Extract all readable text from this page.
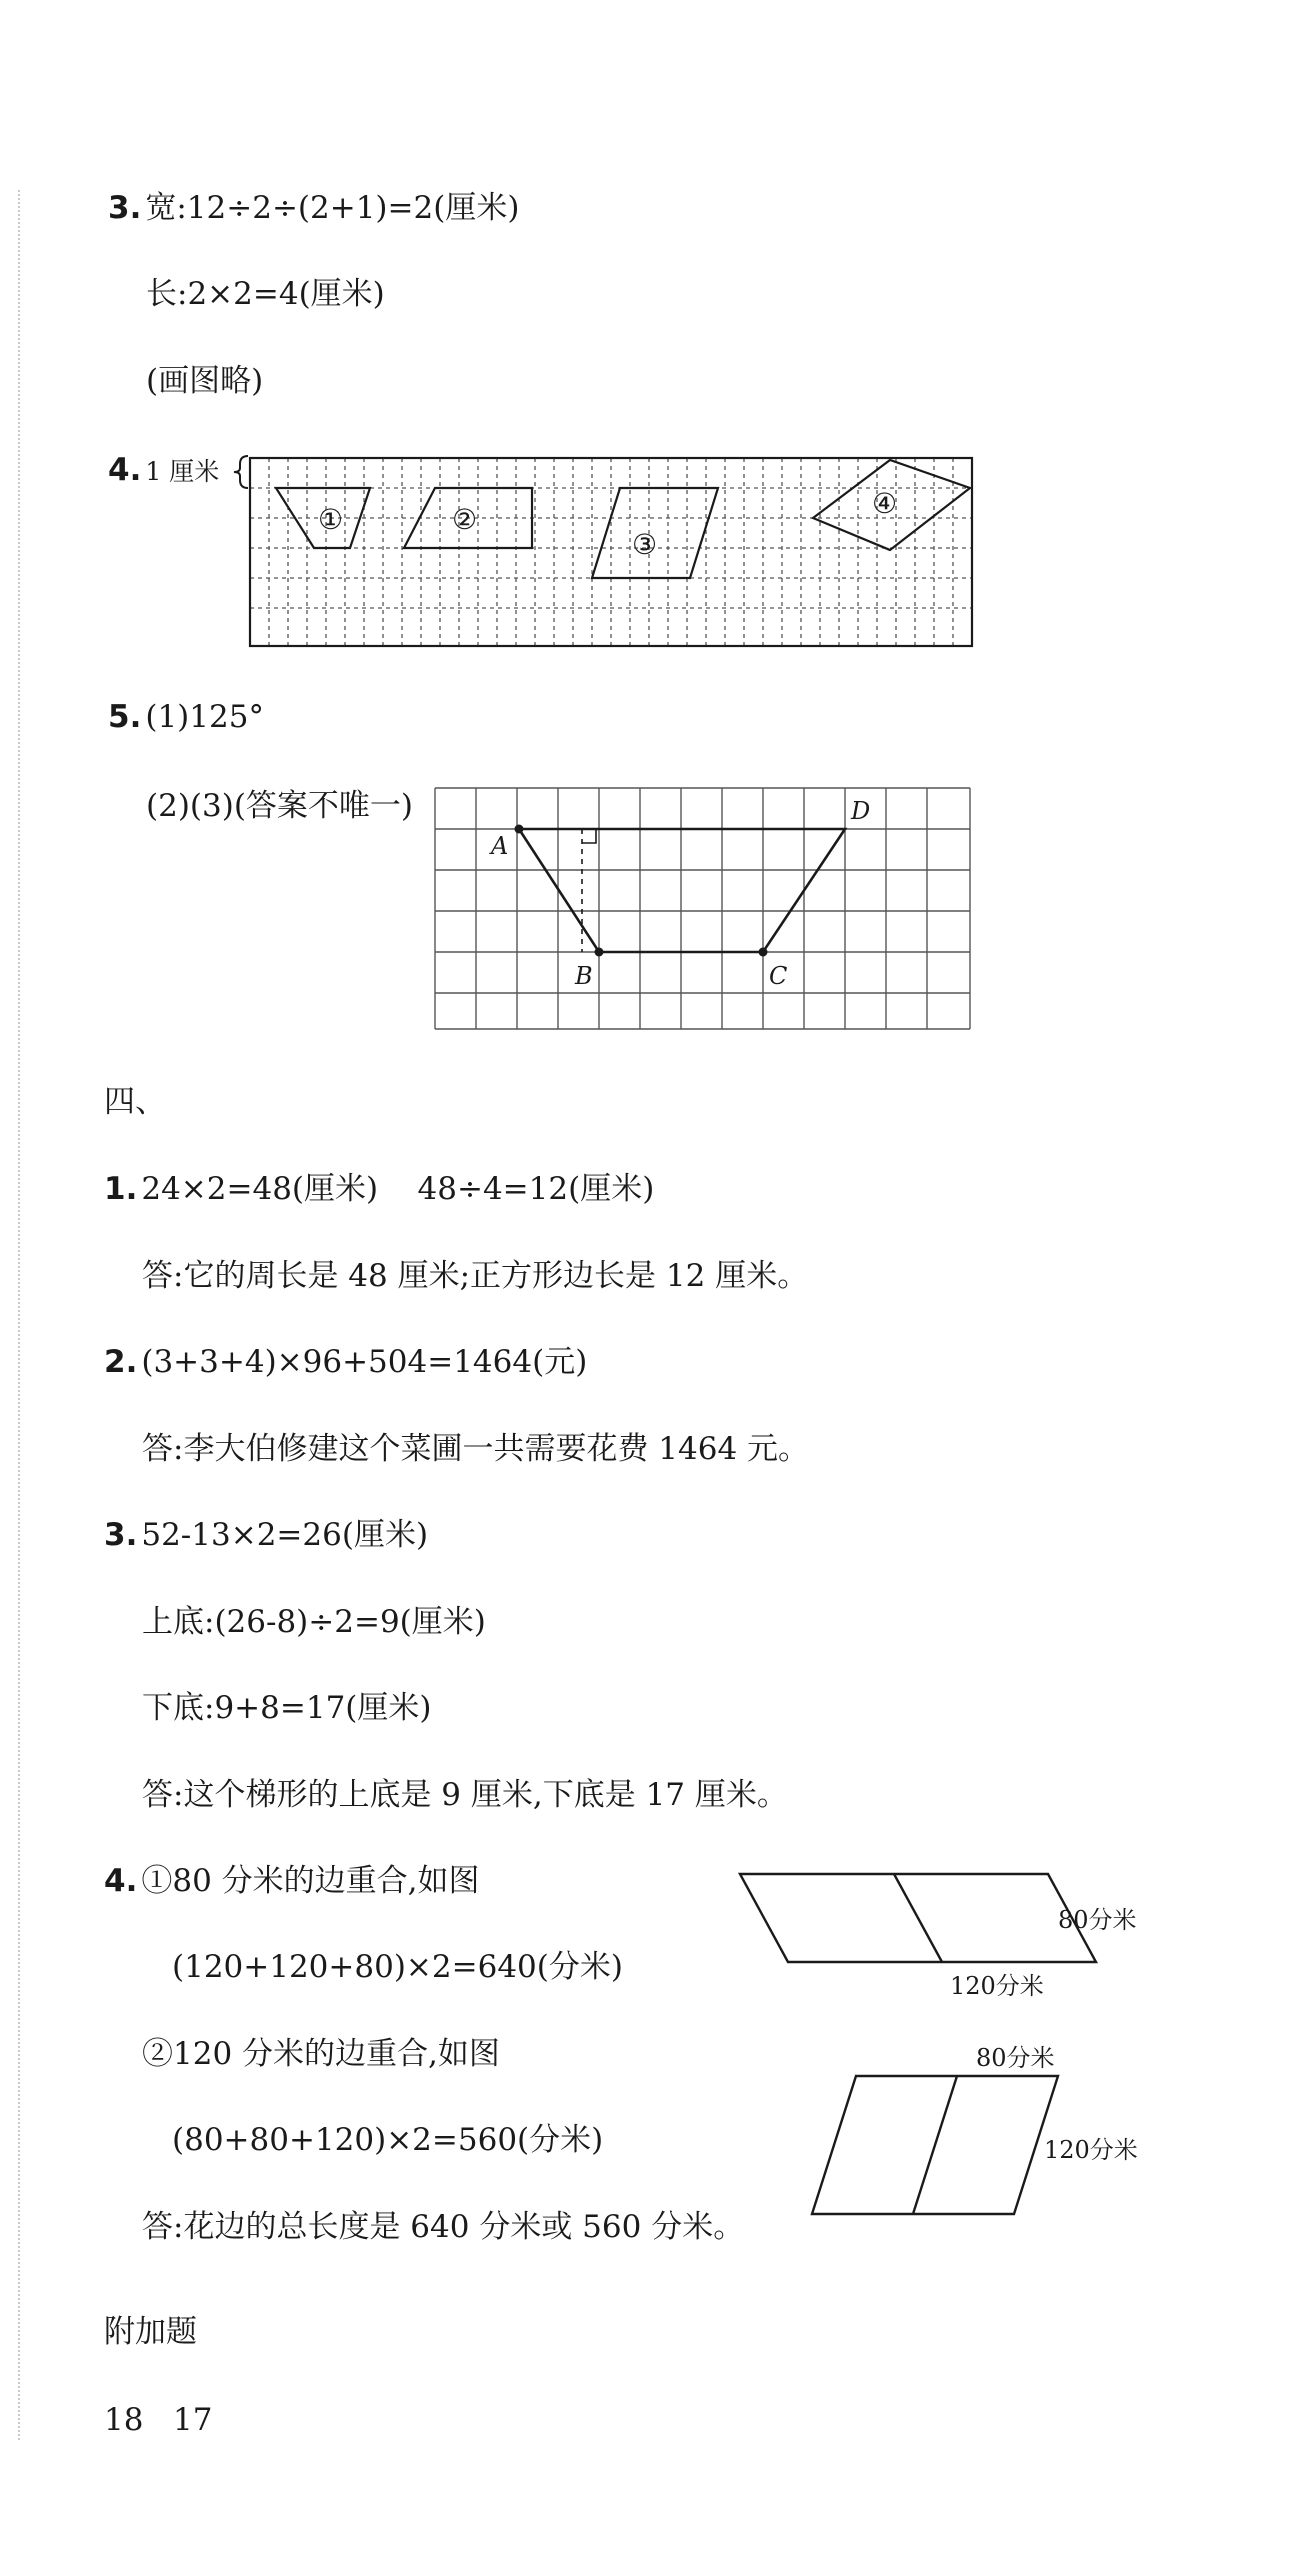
3. 宽:12÷2÷(2+1)=2(厘米)
长:2×2=4(厘米)
(画图略)
4. 1 厘米
①	②
③
④
5. (1)125°
(2)(3)(答案不唯一)
A
B	C
D
四、
1. 24×2=48(厘米)    48÷4=12(厘米)
答:它的周长是 48 厘米;正方形边长是 12 厘米。
2. (3+3+4)×96+504=1464(元)
答:李大伯修建这个菜圃一共需要花费 1464 元。
3. 52-13×2=26(厘米)
上底:(26-8)÷2=9(厘米)
下底:9+8=17(厘米)
答:这个梯形的上底是 9 厘米,下底是 17 厘米。
4. ①80 分米的边重合,如图
(120+120+80)×2=640(分米)
②120 分米的边重合,如图
(80+80+120)×2=560(分米)
答:花边的总长度是 640 分米或 560 分米。
80分米
120分米
80分米
120分米
附加题
18   17
